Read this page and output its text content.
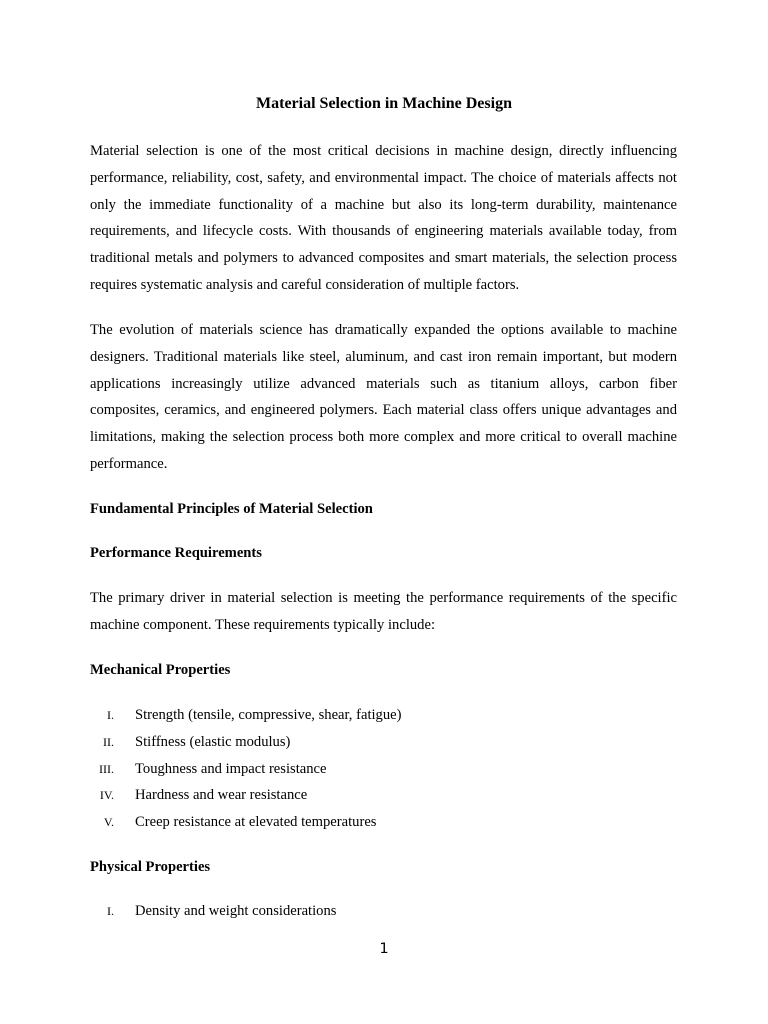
Material Selection in Machine Design

Material selection is one of the most critical decisions in machine design, directly influencing performance, reliability, cost, safety, and environmental impact. The choice of materials affects not only the immediate functionality of a machine but also its long-term durability, maintenance requirements, and lifecycle costs. With thousands of engineering materials available today, from traditional metals and polymers to advanced composites and smart materials, the selection process requires systematic analysis and careful consideration of multiple factors.

The evolution of materials science has dramatically expanded the options available to machine designers. Traditional materials like steel, aluminum, and cast iron remain important, but modern applications increasingly utilize advanced materials such as titanium alloys, carbon fiber composites, ceramics, and engineered polymers. Each material class offers unique advantages and limitations, making the selection process both more complex and more critical to overall machine performance.

Fundamental Principles of Material Selection
Performance Requirements

The primary driver in material selection is meeting the performance requirements of the specific machine component. These requirements typically include:

Mechanical Properties
I. Strength (tensile, compressive, shear, fatigue)
II. Stiffness (elastic modulus)
III. Toughness and impact resistance
IV. Hardness and wear resistance
V. Creep resistance at elevated temperatures
Physical Properties
I. Density and weight considerations

1
